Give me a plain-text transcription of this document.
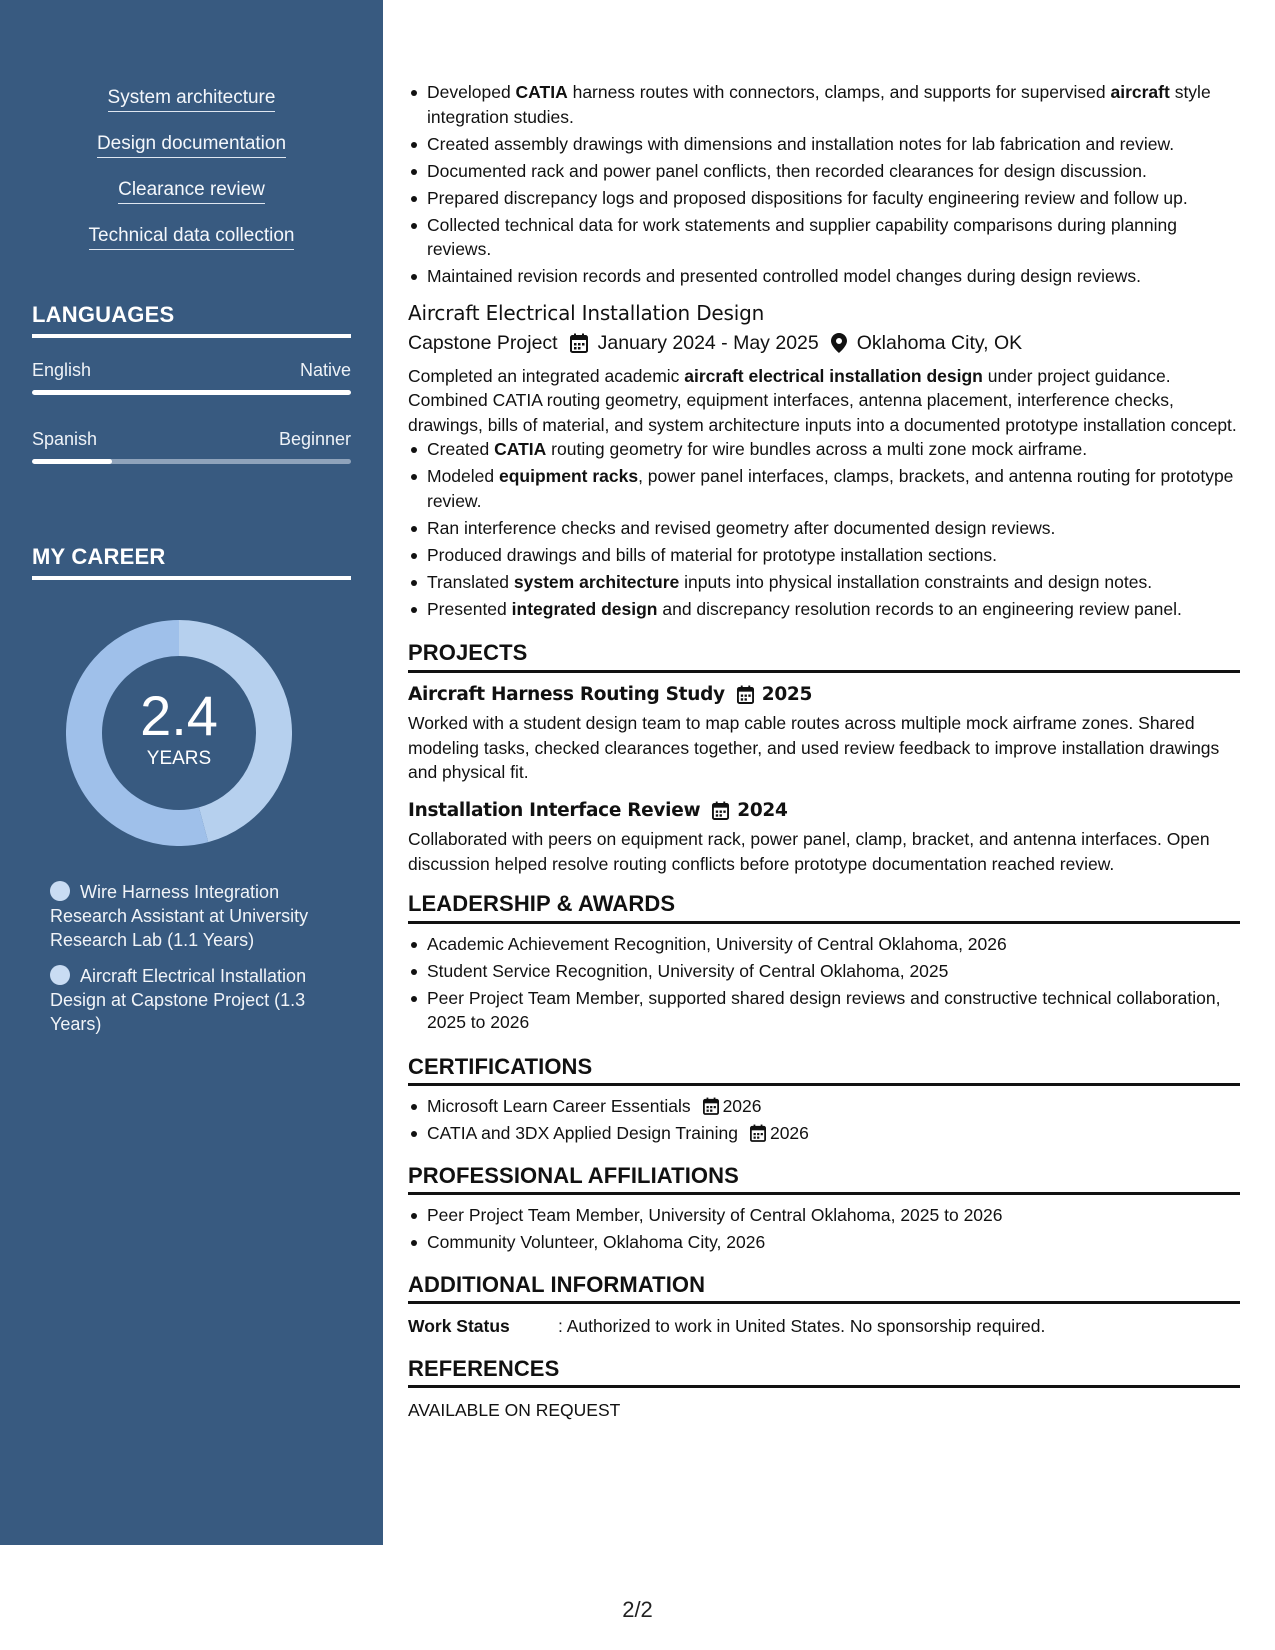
System architecture
Design documentation
Clearance review
Technical data collection
LANGUAGES
English	Native
Spanish	Beginner
MY CAREER
2.4
YEARS
Wire Harness Integration Research Assistant at University Research Lab (1.1 Years)
Aircraft Electrical Installation Design at Capstone Project (1.3 Years)
Developed CATIA harness routes with connectors, clamps, and supports for supervised aircraft style integration studies.
Created assembly drawings with dimensions and installation notes for lab fabrication and review.
Documented rack and power panel conflicts, then recorded clearances for design discussion.
Prepared discrepancy logs and proposed dispositions for faculty engineering review and follow up.
Collected technical data for work statements and supplier capability comparisons during planning reviews.
Maintained revision records and presented controlled model changes during design reviews.
Aircraft Electrical Installation Design
Capstone Project January 2024 - May 2025 Oklahoma City, OK
Completed an integrated academic aircraft electrical installation design under project guidance. Combined CATIA routing geometry, equipment interfaces, antenna placement, interference checks, drawings, bills of material, and system architecture inputs into a documented prototype installation concept.
Created CATIA routing geometry for wire bundles across a multi zone mock airframe.
Modeled equipment racks, power panel interfaces, clamps, brackets, and antenna routing for prototype review.
Ran interference checks and revised geometry after documented design reviews.
Produced drawings and bills of material for prototype installation sections.
Translated system architecture inputs into physical installation constraints and design notes.
Presented integrated design and discrepancy resolution records to an engineering review panel.
PROJECTS
Aircraft Harness Routing Study 2025
Worked with a student design team to map cable routes across multiple mock airframe zones. Shared modeling tasks, checked clearances together, and used review feedback to improve installation drawings and physical fit.
Installation Interface Review 2024
Collaborated with peers on equipment rack, power panel, clamp, bracket, and antenna interfaces. Open discussion helped resolve routing conflicts before prototype documentation reached review.
LEADERSHIP & AWARDS
Academic Achievement Recognition, University of Central Oklahoma, 2026
Student Service Recognition, University of Central Oklahoma, 2025
Peer Project Team Member, supported shared design reviews and constructive technical collaboration, 2025 to 2026
CERTIFICATIONS
Microsoft Learn Career Essentials 2026
CATIA and 3DX Applied Design Training 2026
PROFESSIONAL AFFILIATIONS
Peer Project Team Member, University of Central Oklahoma, 2025 to 2026
Community Volunteer, Oklahoma City, 2026
ADDITIONAL INFORMATION
Work Status	: Authorized to work in United States. No sponsorship required.
REFERENCES
AVAILABLE ON REQUEST
2/2
